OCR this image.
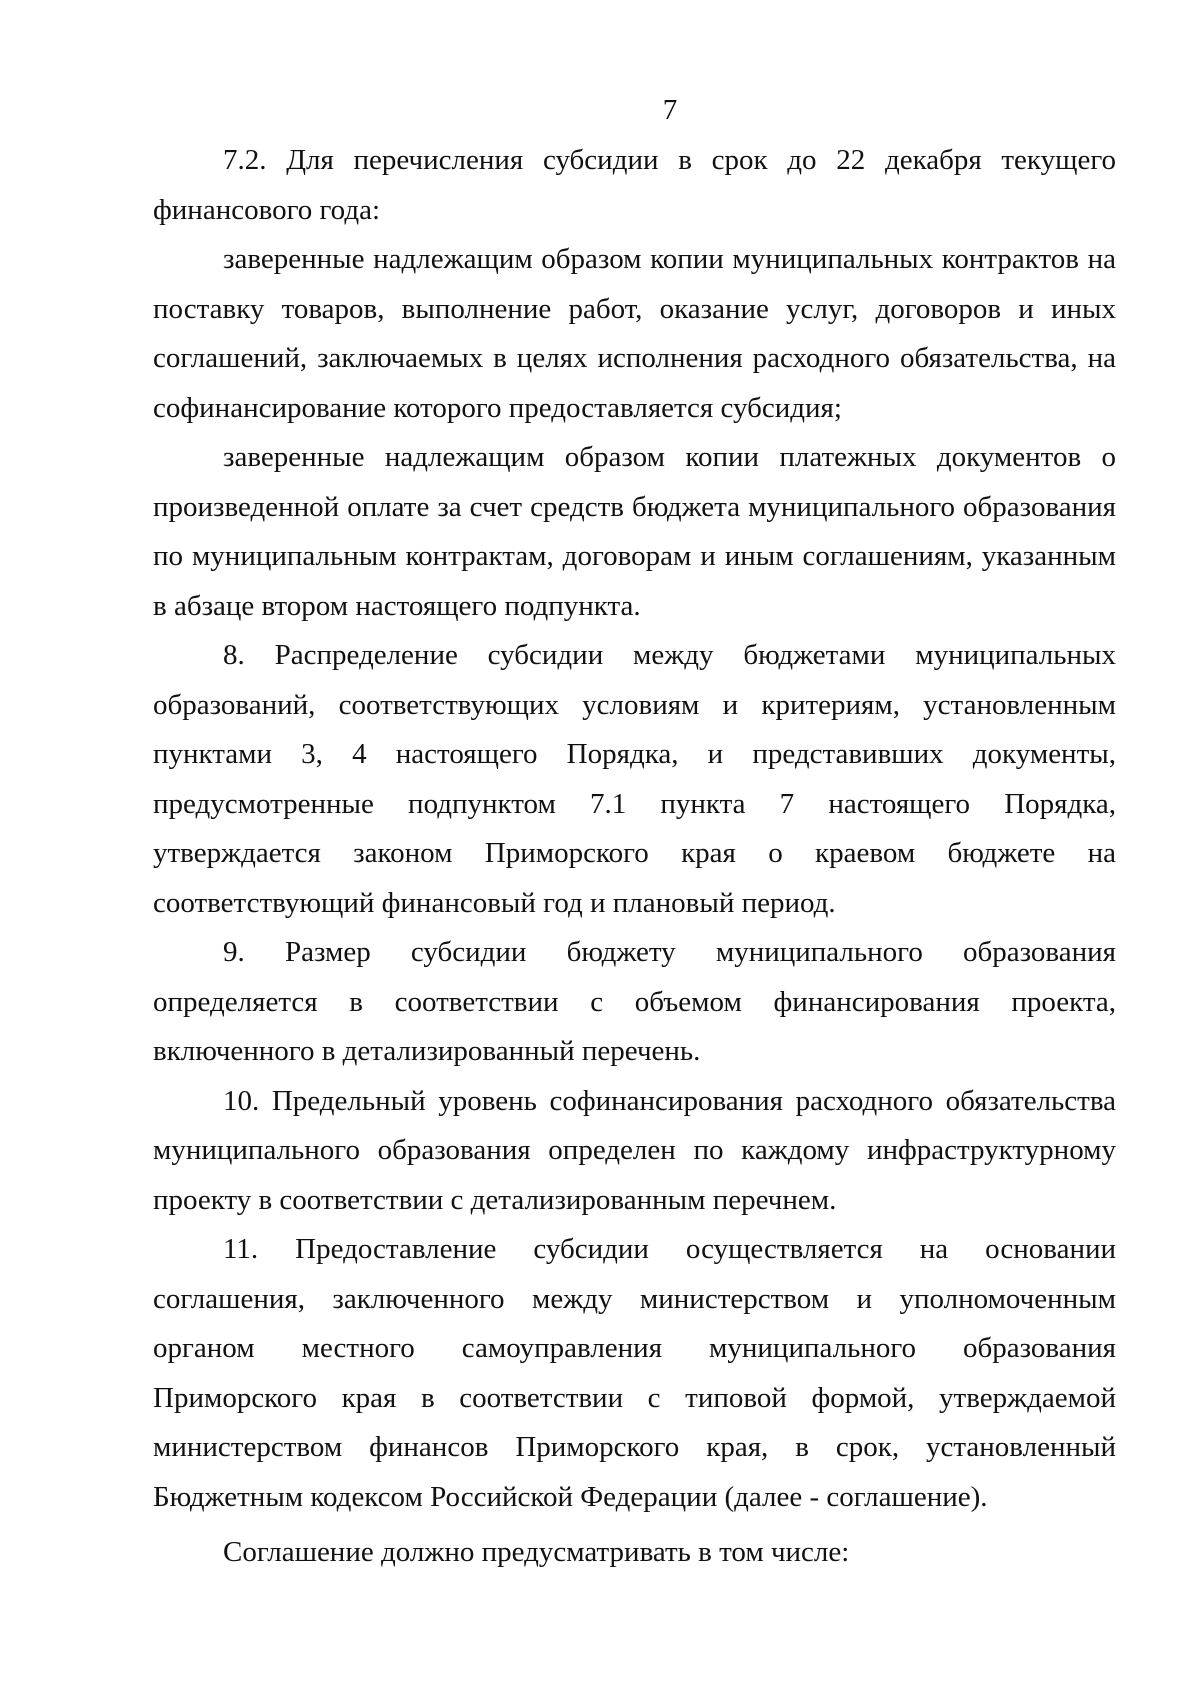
7

7.2. Для перечисления субсидии в срок до 22 декабря текущего финансового года:

заверенные надлежащим образом копии муниципальных контрактов на поставку товаров, выполнение работ, оказание услуг, договоров и иных соглашений, заключаемых в целях исполнения расходного обязательства, на софинансирование которого предоставляется субсидия;

заверенные надлежащим образом копии платежных документов о произведенной оплате за счет средств бюджета муниципального образования по муниципальным контрактам, договорам и иным соглашениям, указанным в абзаце втором настоящего подпункта.

8. Распределение субсидии между бюджетами муниципальных образований, соответствующих условиям и критериям, установленным пунктами 3, 4 настоящего Порядка, и представивших документы, предусмотренные подпунктом 7.1 пункта 7 настоящего Порядка, утверждается законом Приморского края о краевом бюджете на соответствующий финансовый год и плановый период.

9. Размер субсидии бюджету муниципального образования определяется в соответствии с объемом финансирования проекта, включенного в детализированный перечень.

10. Предельный уровень софинансирования расходного обязательства муниципального образования определен по каждому инфраструктурному проекту в соответствии с детализированным перечнем.

11. Предоставление субсидии осуществляется на основании соглашения, заключенного между министерством и уполномоченным органом местного самоуправления муниципального образования Приморского края в соответствии с типовой формой, утверждаемой министерством финансов Приморского края, в срок, установленный Бюджетным кодексом Российской Федерации (далее - соглашение).

Соглашение должно предусматривать в том числе:
